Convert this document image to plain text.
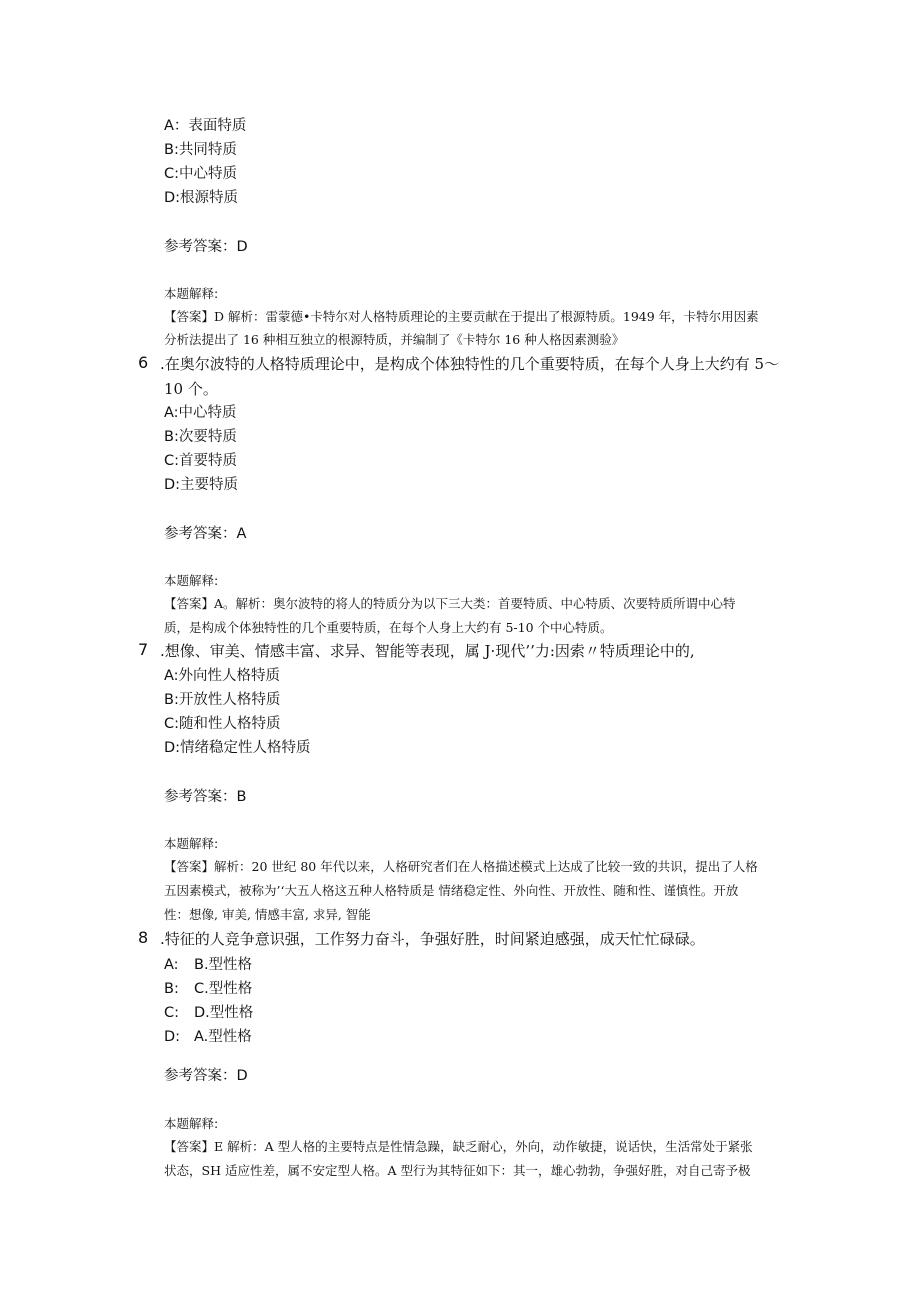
A：表面特质
B:共同特质
C:中心特质
D:根源特质
参考答案：D
本题解释:
【答案】D 解析：雷蒙德•卡特尔对人格特质理论的主要贡献在于提出了根源特质。1949 年，卡特尔用因素
分析法提出了 16 种相互独立的根源特质，并编制了《卡特尔 16 种人格因素测验》
6 .在奥尔波特的人格特质理论中，是构成个体独特性的几个重要特质，在每个人身上大约有 5〜
10 个。
A:中心特质
B:次要特质
C:首要特质
D:主要特质
参考答案：A
本题解释:
【答案】A。解析：奥尔波特的将人的特质分为以下三大类：首要特质、中心特质、次要特质所谓中心特
质，是构成个体独特性的几个重要特质，在每个人身上大约有 5-10 个中心特质。
7 .想像、审美、情感丰富、求异、智能等表现，属 J·现代’’力:因索〃特质理论中的,
A:外向性人格特质
B:开放性人格特质
C:随和性人格特质
D:情绪稳定性人格特质
参考答案：B
本题解释:
【答案】解析：20 世纪 80 年代以来，人格研究者们在人格描述模式上达成了比较一致的共识，提出了人格
五因素模式，被称为’‘大五人格这五种人格特质是 情绪稳定性、外向性、开放性、随和性、谨慎性。开放
性：想像, 审美, 情感丰富, 求异, 智能
8 .特征的人竞争意识强，工作努力奋斗，争强好胜，时间紧迫感强，成天忙忙碌碌。
A: B.型性格
B: C.型性格
C: D.型性格
D: A.型性格
参考答案：D
本题解释:
【答案】E 解析：A 型人格的主要特点是性情急躁，缺乏耐心，外向，动作敏捷，说话快，生活常处于紧张
状态，SH 适应性差，属不安定型人格。A 型行为其特征如下：其一，雄心勃勃，争强好胜，对自己寄予极
